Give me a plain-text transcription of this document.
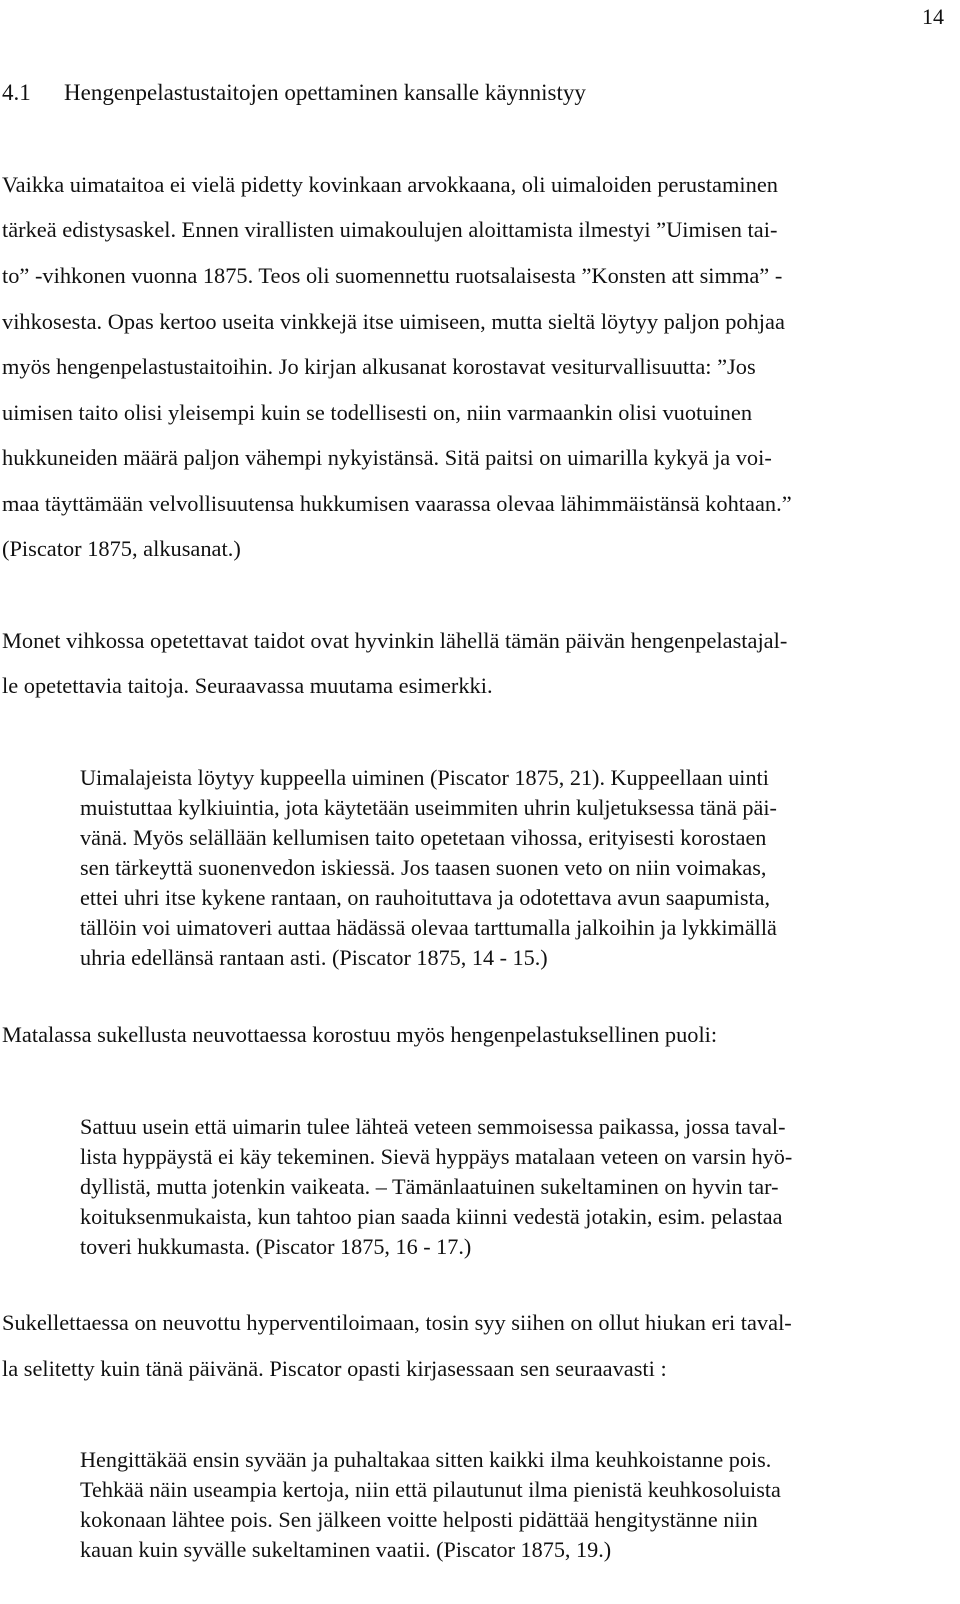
14
4.1 Hengenpelastustaitojen opettaminen kansalle käynnistyy
Vaikka uimataitoa ei vielä pidetty kovinkaan arvokkaana, oli uimaloiden perustaminen
tärkeä edistysaskel. Ennen virallisten uimakoulujen aloittamista ilmestyi ”Uimisen tai-
to” -vihkonen vuonna 1875. Teos oli suomennettu ruotsalaisesta ”Konsten att simma” -
vihkosesta. Opas kertoo useita vinkkejä itse uimiseen, mutta sieltä löytyy paljon pohjaa
myös hengenpelastustaitoihin. Jo kirjan alkusanat korostavat vesiturvallisuutta: ”Jos
uimisen taito olisi yleisempi kuin se todellisesti on, niin varmaankin olisi vuotuinen
hukkuneiden määrä paljon vähempi nykyistänsä. Sitä paitsi on uimarilla kykyä ja voi-
maa täyttämään velvollisuutensa hukkumisen vaarassa olevaa lähimmäistänsä kohtaan.”
(Piscator 1875, alkusanat.)
Monet vihkossa opetettavat taidot ovat hyvinkin lähellä tämän päivän hengenpelastajal-
le opetettavia taitoja. Seuraavassa muutama esimerkki.
Uimalajeista löytyy kuppeella uiminen (Piscator 1875, 21). Kuppeellaan uinti
muistuttaa kylkiuintia, jota käytetään useimmiten uhrin kuljetuksessa tänä päi-
vänä. Myös selällään kellumisen taito opetetaan vihossa, erityisesti korostaen
sen tärkeyttä suonenvedon iskiessä. Jos taasen suonen veto on niin voimakas,
ettei uhri itse kykene rantaan, on rauhoituttava ja odotettava avun saapumista,
tällöin voi uimatoveri auttaa hädässä olevaa tarttumalla jalkoihin ja lykkimällä
uhria edellänsä rantaan asti. (Piscator 1875, 14 - 15.)
Matalassa sukellusta neuvottaessa korostuu myös hengenpelastuksellinen puoli:
Sattuu usein että uimarin tulee lähteä veteen semmoisessa paikassa, jossa taval-
lista hyppäystä ei käy tekeminen. Sievä hyppäys matalaan veteen on varsin hyö-
dyllistä, mutta jotenkin vaikeata. – Tämänlaatuinen sukeltaminen on hyvin tar-
koituksenmukaista, kun tahtoo pian saada kiinni vedestä jotakin, esim. pelastaa
toveri hukkumasta. (Piscator 1875, 16 - 17.)
Sukellettaessa on neuvottu hyperventiloimaan, tosin syy siihen on ollut hiukan eri taval-
la selitetty kuin tänä päivänä. Piscator opasti kirjasessaan sen seuraavasti :
Hengittäkää ensin syvään ja puhaltakaa sitten kaikki ilma keuhkoistanne pois.
Tehkää näin useampia kertoja, niin että pilautunut ilma pienistä keuhkosoluista
kokonaan lähtee pois. Sen jälkeen voitte helposti pidättää hengitystänne niin
kauan kuin syvälle sukeltaminen vaatii. (Piscator 1875, 19.)
